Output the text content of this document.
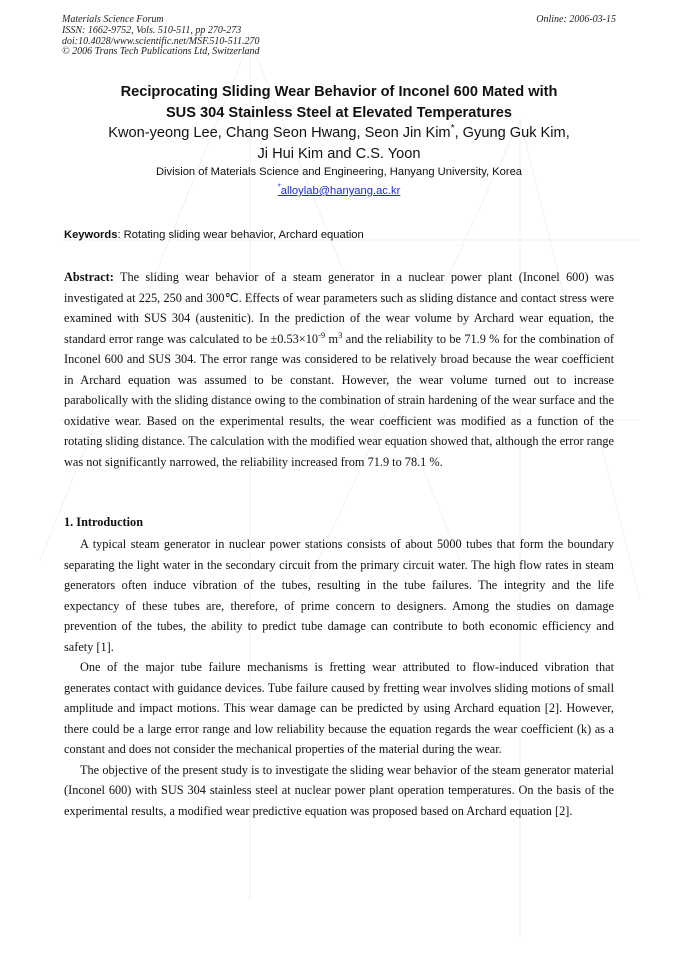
Materials Science Forum
ISSN: 1662-9752, Vols. 510-511, pp 270-273
doi:10.4028/www.scientific.net/MSF.510-511.270
© 2006 Trans Tech Publications Ltd, Switzerland
Online: 2006-03-15
Reciprocating Sliding Wear Behavior of Inconel 600 Mated with
SUS 304 Stainless Steel at Elevated Temperatures
Kwon-yeong Lee, Chang Seon Hwang, Seon Jin Kim*, Gyung Guk Kim,
Ji Hui Kim and C.S. Yoon
Division of Materials Science and Engineering, Hanyang University, Korea
*alloylab@hanyang.ac.kr
Keywords: Rotating sliding wear behavior, Archard equation
Abstract: The sliding wear behavior of a steam generator in a nuclear power plant (Inconel 600) was investigated at 225, 250 and 300℃. Effects of wear parameters such as sliding distance and contact stress were examined with SUS 304 (austenitic). In the prediction of the wear volume by Archard wear equation, the standard error range was calculated to be $\pm 0.53\times 10^{-9}$ $m^3$ and the reliability to be 71.9 % for the combination of Inconel 600 and SUS 304. The error range was considered to be relatively broad because the wear coefficient in Archard equation was assumed to be constant. However, the wear volume turned out to increase parabolically with the sliding distance owing to the combination of strain hardening of the wear surface and the oxidative wear. Based on the experimental results, the wear coefficient was modified as a function of the rotating sliding distance. The calculation with the modified wear equation showed that, although the error range was not significantly narrowed, the reliability increased from 71.9 to 78.1 %.
1. Introduction

A typical steam generator in nuclear power stations consists of about 5000 tubes that form the boundary separating the light water in the secondary circuit from the primary circuit water. The high flow rates in steam generators often induce vibration of the tubes, resulting in the tube failures. The integrity and the life expectancy of these tubes are, therefore, of prime concern to designers. Among the studies on damage prevention of the tubes, the ability to predict tube damage can contribute to both economic efficiency and safety [1].

One of the major tube failure mechanisms is fretting wear attributed to flow-induced vibration that generates contact with guidance devices. Tube failure caused by fretting wear involves sliding motions of small amplitude and impact motions. This wear damage can be predicted by using Archard equation [2]. However, there could be a large error range and low reliability because the equation regards the wear coefficient (k) as a constant and does not consider the mechanical properties of the material during the wear.

The objective of the present study is to investigate the sliding wear behavior of the steam generator material (Inconel 600) with SUS 304 stainless steel at nuclear power plant operation temperatures. On the basis of the experimental results, a modified wear predictive equation was proposed based on Archard equation [2].
